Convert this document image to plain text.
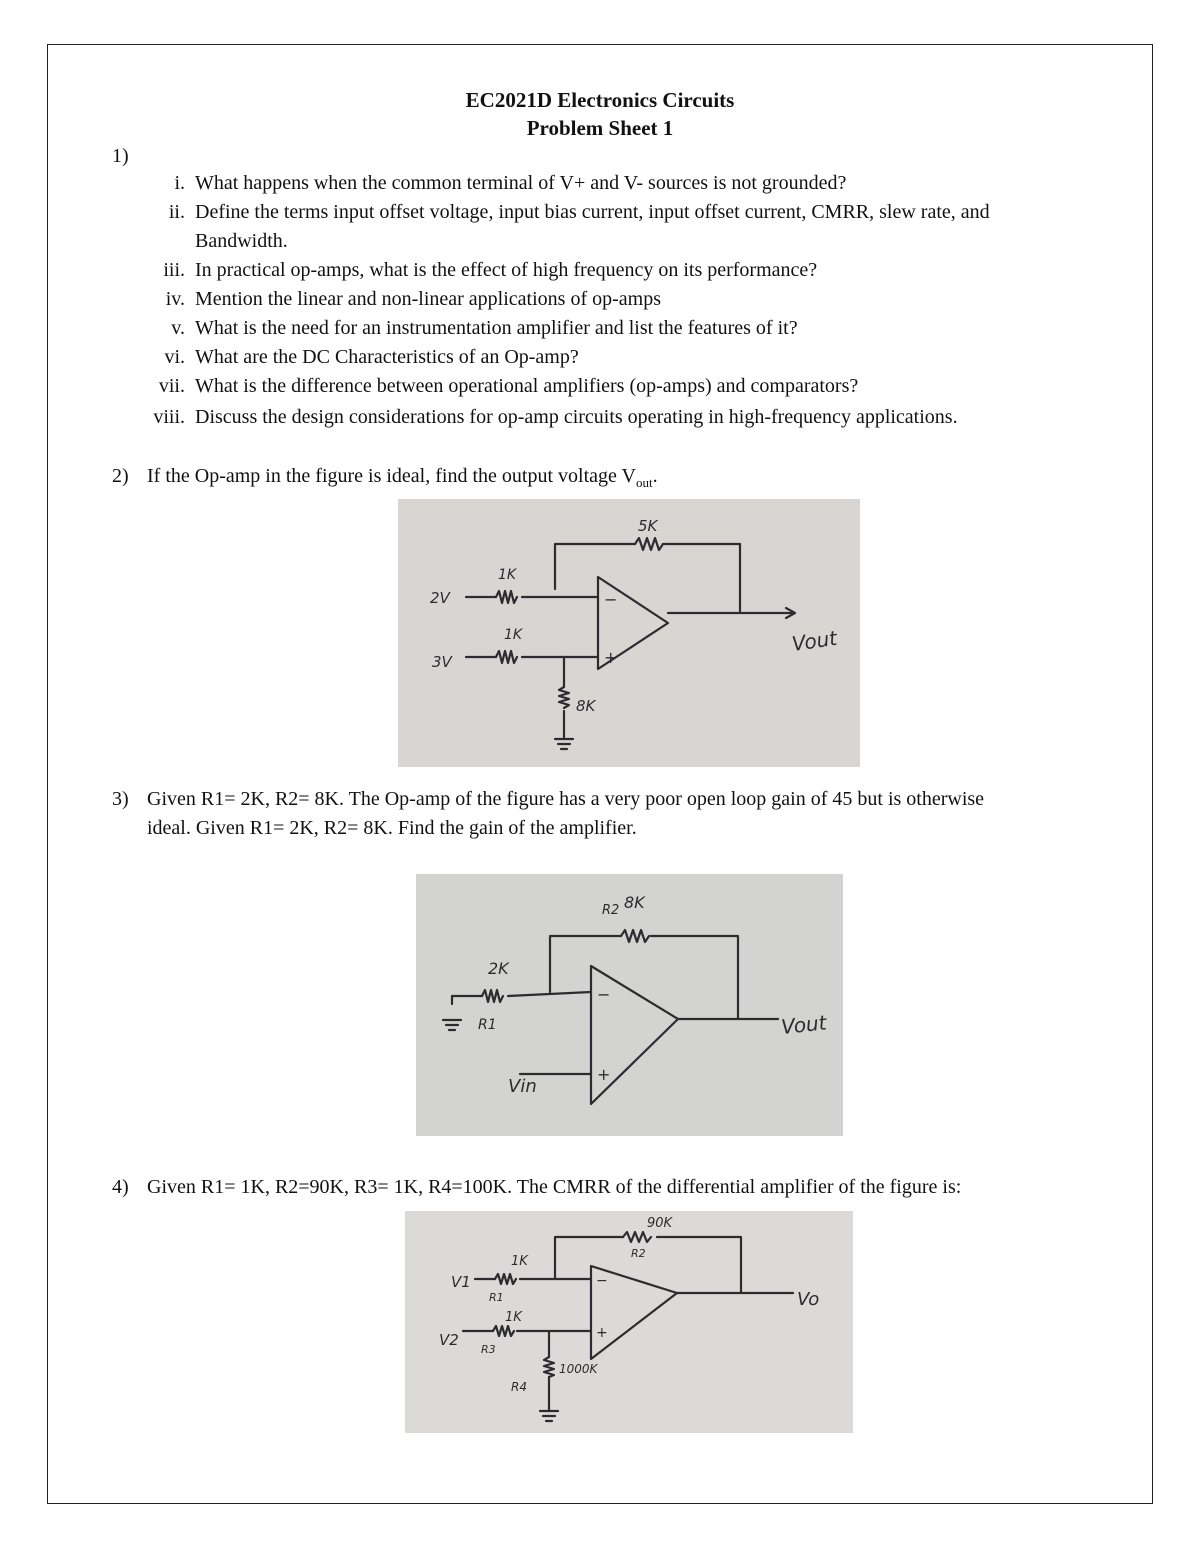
EC2021D Electronics Circuits
Problem Sheet 1
1)
i. What happens when the common terminal of V+ and V- sources is not grounded?
ii. Define the terms input offset voltage, input bias current, input offset current, CMRR, slew rate, and
Bandwidth.
iii. In practical op-amps, what is the effect of high frequency on its performance?
iv. Mention the linear and non-linear applications of op-amps
v. What is the need for an instrumentation amplifier and list the features of it?
vi. What are the DC Characteristics of an Op-amp?
vii. What is the difference between operational amplifiers (op-amps) and comparators?
viii. Discuss the design considerations for op-amp circuits operating in high-frequency applications.
2) If the Op-amp in the figure is ideal, find the output voltage $V_{out}$.
5K
1K
2V
1K
3V
8K
Vout
−
+
3) Given R1= 2K, R2= 8K. The Op-amp of the figure has a very poor open loop gain of 45 but is otherwise
ideal. Given R1= 2K, R2= 8K. Find the gain of the amplifier.
R2 8K
2K
R1
Vin
Vout
−
+
4) Given R1= 1K, R2=90K, R3= 1K, R4=100K. The CMRR of the differential amplifier of the figure is:
90K
R2
1K
R1
V1
1K
R3
V2
1000K
R4
Vo
−
+
